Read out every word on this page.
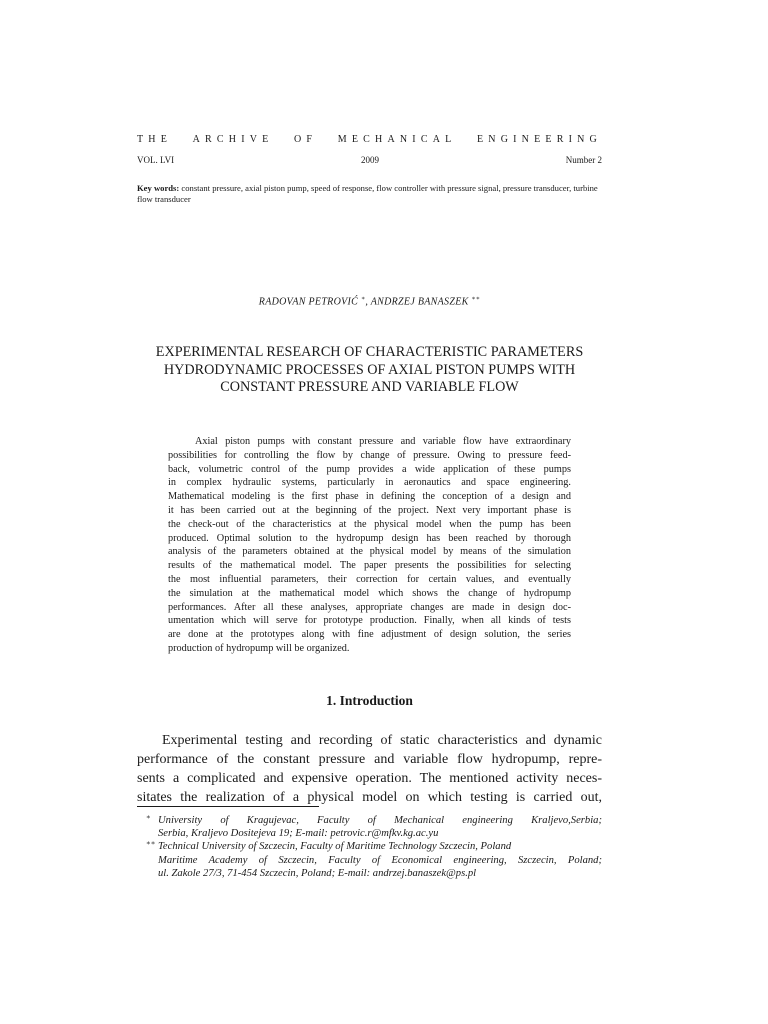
THE ARCHIVE OF MECHANICAL ENGINEERING
VOL. LVI	2009	Number 2
Key words: constant pressure, axial piston pump, speed of response, flow controller with pressure signal, pressure transducer, turbine flow transducer
RADOVAN PETROVIĆ ∗, ANDRZEJ BANASZEK ∗∗
EXPERIMENTAL RESEARCH OF CHARACTERISTIC PARAMETERS
HYDRODYNAMIC PROCESSES OF AXIAL PISTON PUMPS WITH
CONSTANT PRESSURE AND VARIABLE FLOW
Axial piston pumps with constant pressure and variable flow have extraordinary
possibilities for controlling the flow by change of pressure. Owing to pressure feed-
back, volumetric control of the pump provides a wide application of these pumps
in complex hydraulic systems, particularly in aeronautics and space engineering.
Mathematical modeling is the first phase in defining the conception of a design and
it has been carried out at the beginning of the project. Next very important phase is
the check-out of the characteristics at the physical model when the pump has been
produced. Optimal solution to the hydropump design has been reached by thorough
analysis of the parameters obtained at the physical model by means of the simulation
results of the mathematical model. The paper presents the possibilities for selecting
the most influential parameters, their correction for certain values, and eventually
the simulation at the mathematical model which shows the change of hydropump
performances. After all these analyses, appropriate changes are made in design doc-
umentation which will serve for prototype production. Finally, when all kinds of tests
are done at the prototypes along with fine adjustment of design solution, the series
production of hydropump will be organized.
1. Introduction
Experimental testing and recording of static characteristics and dynamic
performance of the constant pressure and variable flow hydropump, repre-
sents a complicated and expensive operation. The mentioned activity neces-
sitates the realization of a physical model on which testing is carried out,
∗ University of Kragujevac, Faculty of Mechanical engineering Kraljevo,Serbia;
Serbia, Kraljevo Dositejeva 19; E-mail: petrovic.r@mfkv.kg.ac.yu
∗∗ Technical University of Szczecin, Faculty of Maritime Technology Szczecin, Poland
Maritime Academy of Szczecin, Faculty of Economical engineering, Szczecin, Poland;
ul. Zakole 27/3, 71-454 Szczecin, Poland; E-mail: andrzej.banaszek@ps.pl
